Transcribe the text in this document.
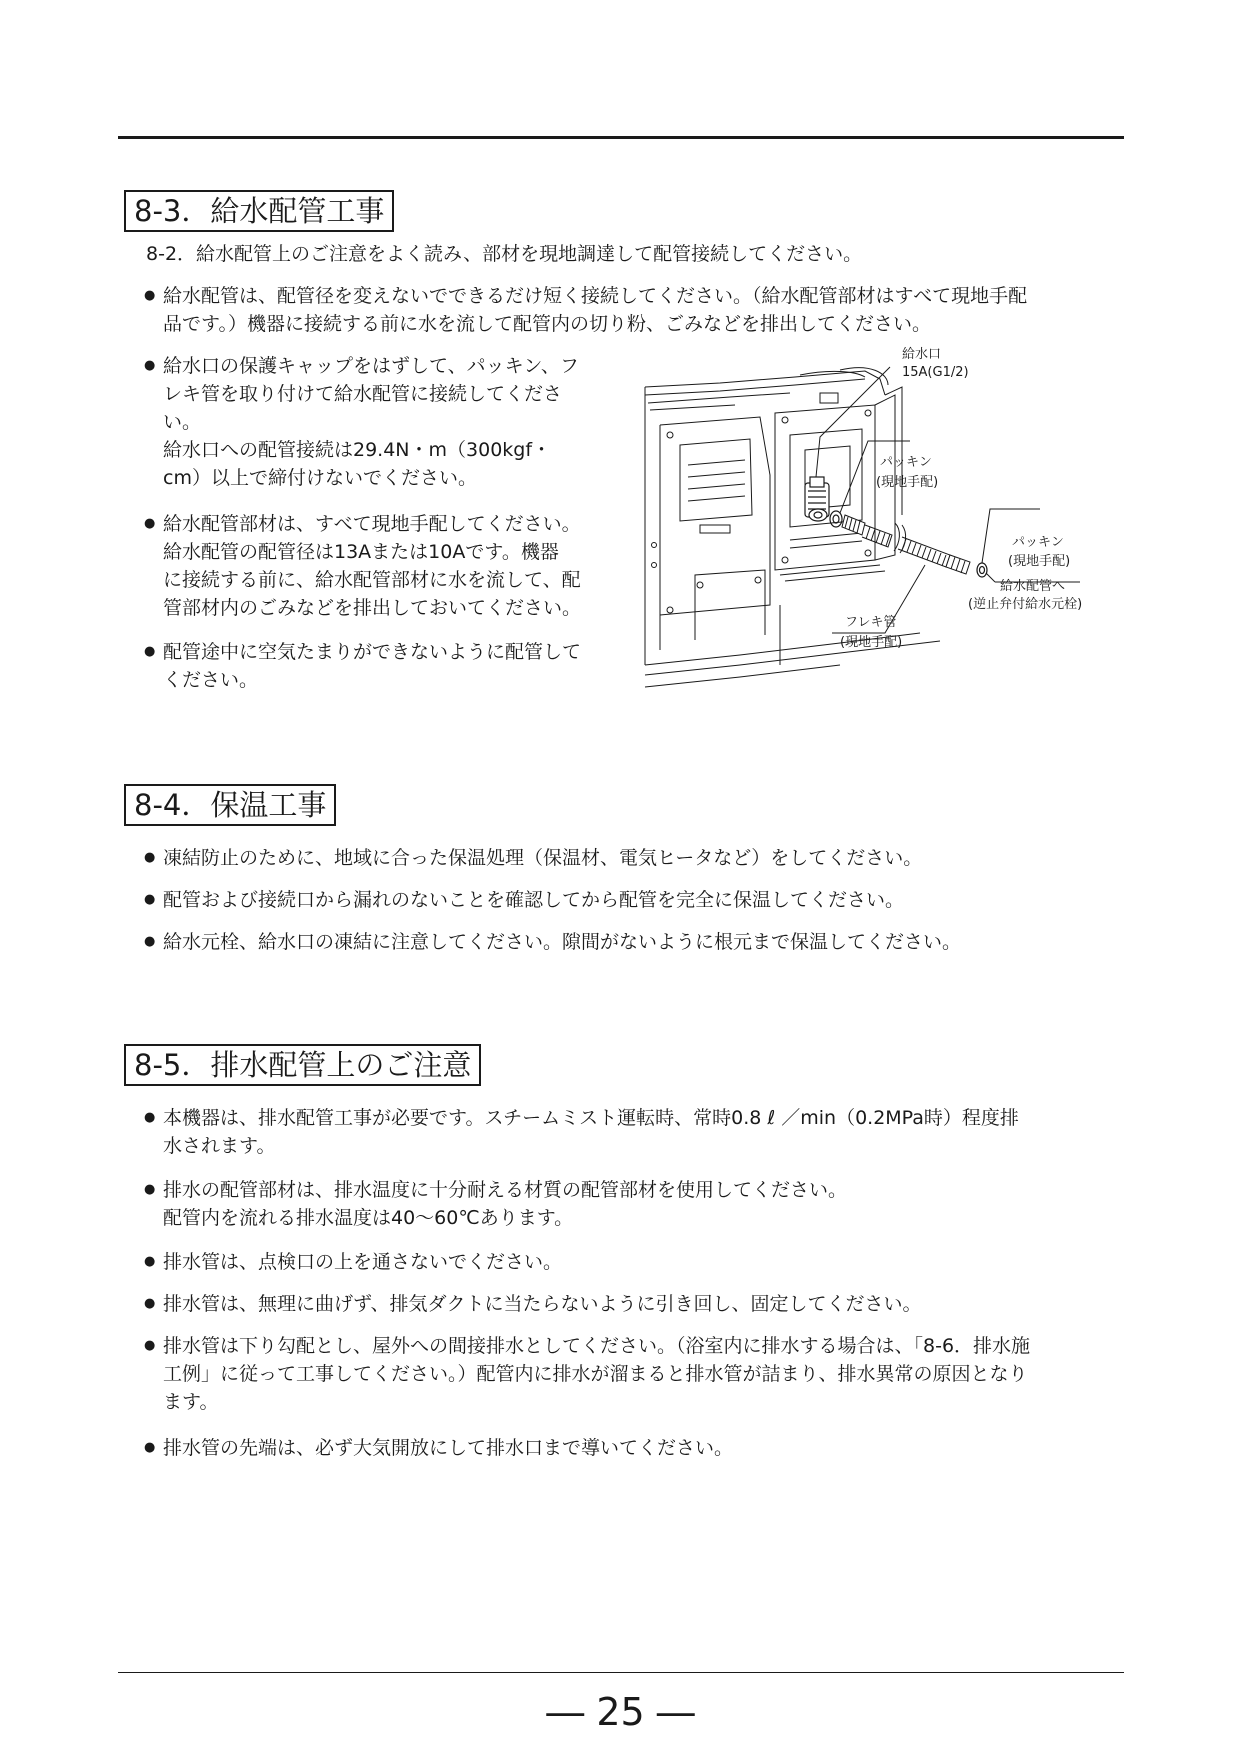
8-3．給水配管工事
8-2．給水配管上のご注意をよく読み、部材を現地調達して配管接続してください。
● 給水配管は、配管径を変えないでできるだけ短く接続してください。（給水配管部材はすべて現地手配
品です。）機器に接続する前に水を流して配管内の切り粉、ごみなどを排出してください。
● 給水口の保護キャップをはずして、パッキン、フ
レキ管を取り付けて給水配管に接続してくださ
い。
給水口への配管接続は29.4N・m（300kgf・
cm）以上で締付けないでください。
● 給水配管部材は、すべて現地手配してください。
給水配管の配管径は13Aまたは10Aです。機器
に接続する前に、給水配管部材に水を流して、配
管部材内のごみなどを排出しておいてください。
● 配管途中に空気たまりができないように配管して
ください。
給水口
15A(G1/2)
パッキン
(現地手配)
パッキン
(現地手配)
給水配管へ
(逆止弁付給水元栓)
フレキ管
(現地手配)
8-4．保温工事
● 凍結防止のために、地域に合った保温処理（保温材、電気ヒータなど）をしてください。
● 配管および接続口から漏れのないことを確認してから配管を完全に保温してください。
● 給水元栓、給水口の凍結に注意してください。隙間がないように根元まで保温してください。
8-5．排水配管上のご注意
● 本機器は、排水配管工事が必要です。スチームミスト運転時、常時0.8 ℓ ／min（0.2MPa時）程度排
水されます。
● 排水の配管部材は、排水温度に十分耐える材質の配管部材を使用してください。
配管内を流れる排水温度は40～60℃あります。
● 排水管は、点検口の上を通さないでください。
● 排水管は、無理に曲げず、排気ダクトに当たらないように引き回し、固定してください。
● 排水管は下り勾配とし、屋外への間接排水としてください。（浴室内に排水する場合は、「8-6．排水施
工例」に従って工事してください。）配管内に排水が溜まると排水管が詰まり、排水異常の原因となり
ます。
● 排水管の先端は、必ず大気開放にして排水口まで導いてください。
― 25 ―
